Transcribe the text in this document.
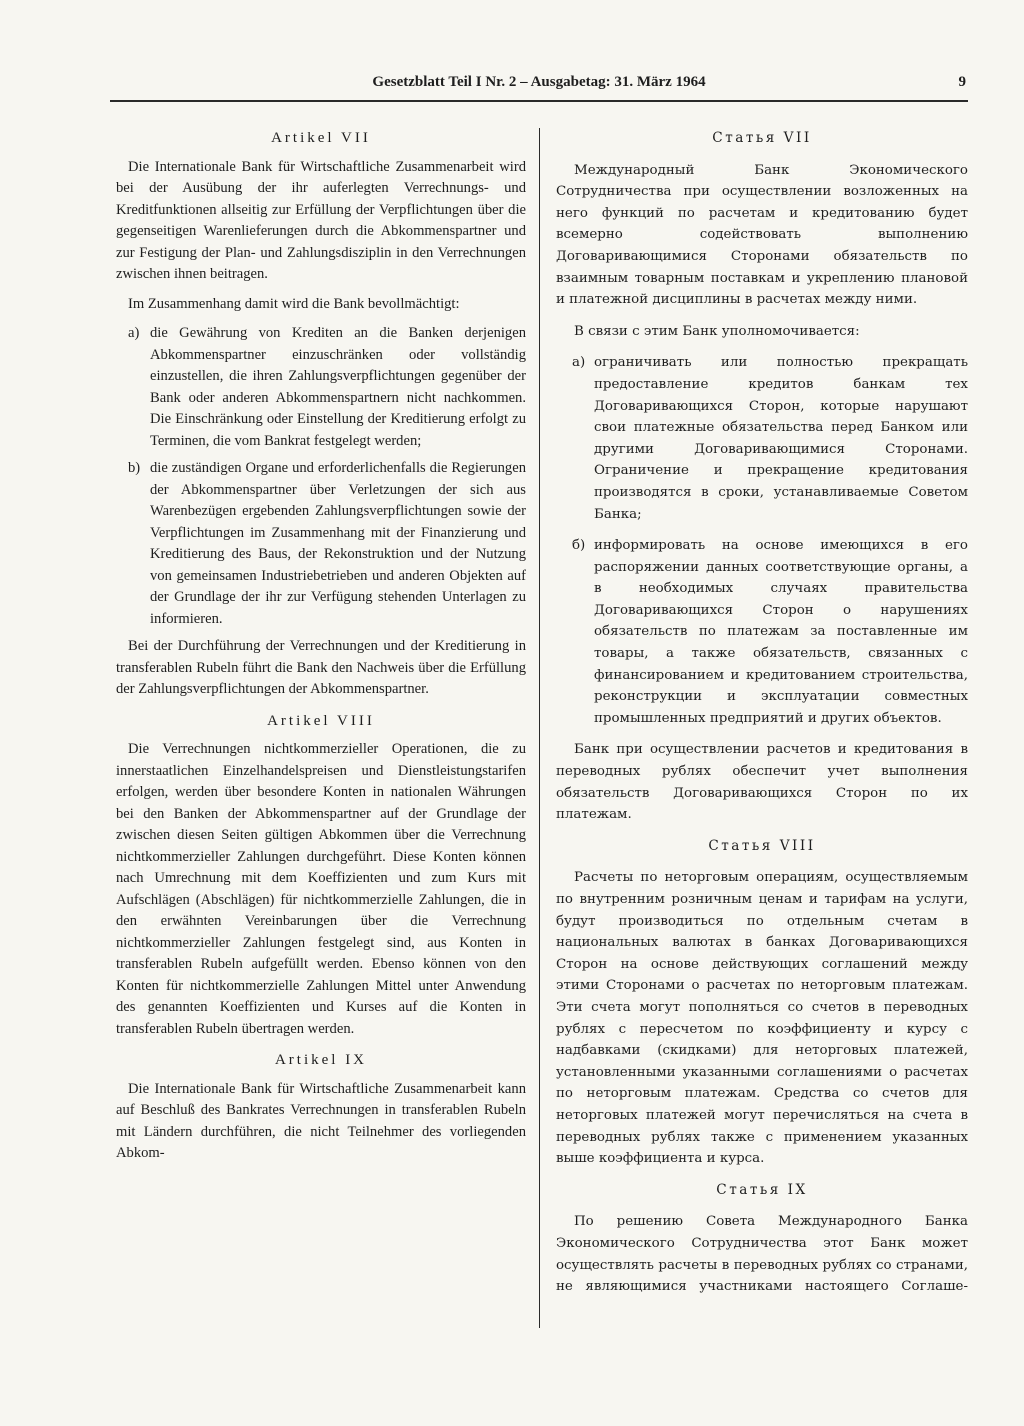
Gesetzblatt Teil I Nr. 2 – Ausgabetag: 31. März 1964	9
Artikel VII

Die Internationale Bank für Wirtschaftliche Zusammenarbeit wird bei der Ausübung der ihr auferlegten Verrechnungs- und Kreditfunktionen allseitig zur Erfüllung der Verpflichtungen über die gegenseitigen Warenlieferungen durch die Abkommenspartner und zur Festigung der Plan- und Zahlungsdisziplin in den Verrechnungen zwischen ihnen beitragen.

Im Zusammenhang damit wird die Bank bevollmächtigt:

a) die Gewährung von Krediten an die Banken derjenigen Abkommenspartner einzuschränken oder vollständig einzustellen, die ihren Zahlungsverpflichtungen gegenüber der Bank oder anderen Abkommenspartnern nicht nachkommen. Die Einschränkung oder Einstellung der Kreditierung erfolgt zu Terminen, die vom Bankrat festgelegt werden;
b) die zuständigen Organe und erforderlichenfalls die Regierungen der Abkommenspartner über Verletzungen der sich aus Warenbezügen ergebenden Zahlungsverpflichtungen sowie der Verpflichtungen im Zusammenhang mit der Finanzierung und Kreditierung des Baus, der Rekonstruktion und der Nutzung von gemeinsamen Industriebetrieben und anderen Objekten auf der Grundlage der ihr zur Verfügung stehenden Unterlagen zu informieren.

Bei der Durchführung der Verrechnungen und der Kreditierung in transferablen Rubeln führt die Bank den Nachweis über die Erfüllung der Zahlungsverpflichtungen der Abkommenspartner.

Artikel VIII

Die Verrechnungen nichtkommerzieller Operationen, die zu innerstaatlichen Einzelhandelspreisen und Dienstleistungstarifen erfolgen, werden über besondere Konten in nationalen Währungen bei den Banken der Abkommenspartner auf der Grundlage der zwischen diesen Seiten gültigen Abkommen über die Verrechnung nichtkommerzieller Zahlungen durchgeführt. Diese Konten können nach Umrechnung mit dem Koeffizienten und zum Kurs mit Aufschlägen (Abschlägen) für nichtkommerzielle Zahlungen, die in den erwähnten Vereinbarungen über die Verrechnung nichtkommerzieller Zahlungen festgelegt sind, aus Konten in transferablen Rubeln aufgefüllt werden. Ebenso können von den Konten für nichtkommerzielle Zahlungen Mittel unter Anwendung des genannten Koeffizienten und Kurses auf die Konten in transferablen Rubeln übertragen werden.

Artikel IX

Die Internationale Bank für Wirtschaftliche Zusammenarbeit kann auf Beschluß des Bankrates Verrechnungen in transferablen Rubeln mit Ländern durchführen, die nicht Teilnehmer des vorliegenden Abkom-

Статья VII

Международный Банк Экономического Сотрудничества при осуществлении возложенных на него функций по расчетам и кредитованию будет всемерно содействовать выполнению Договаривающимися Сторонами обязательств по взаимным товарным поставкам и укреплению плановой и платежной дисциплины в расчетах между ними.

В связи с этим Банк уполномочивается:

а) ограничивать или полностью прекращать предоставление кредитов банкам тех Договаривающихся Сторон, которые нарушают свои платежные обязательства перед Банком или другими Договаривающимися Сторонами. Ограничение и прекращение кредитования производятся в сроки, устанавливаемые Советом Банка;
б) информировать на основе имеющихся в его распоряжении данных соответствующие органы, а в необходимых случаях правительства Договаривающихся Сторон о нарушениях обязательств по платежам за поставленные им товары, а также обязательств, связанных с финансированием и кредитованием строительства, реконструкции и эксплуатации совместных промышленных предприятий и других объектов.

Банк при осуществлении расчетов и кредитования в переводных рублях обеспечит учет выполнения обязательств Договаривающихся Сторон по их платежам.

Статья VIII

Расчеты по неторговым операциям, осуществляемым по внутренним розничным ценам и тарифам на услуги, будут производиться по отдельным счетам в национальных валютах в банках Договаривающихся Сторон на основе действующих соглашений между этими Сторонами о расчетах по неторговым платежам. Эти счета могут пополняться со счетов в переводных рублях с пересчетом по коэффициенту и курсу с надбавками (скидками) для неторговых платежей, установленными указанными соглашениями о расчетах по неторговым платежам. Средства со счетов для неторговых платежей могут перечисляться на счета в переводных рублях также с применением указанных выше коэффициента и курса.

Статья IX

По решению Совета Международного Банка Экономического Сотрудничества этот Банк может осуществлять расчеты в переводных рублях со странами, не являющимися участниками настоящего Соглаше-
